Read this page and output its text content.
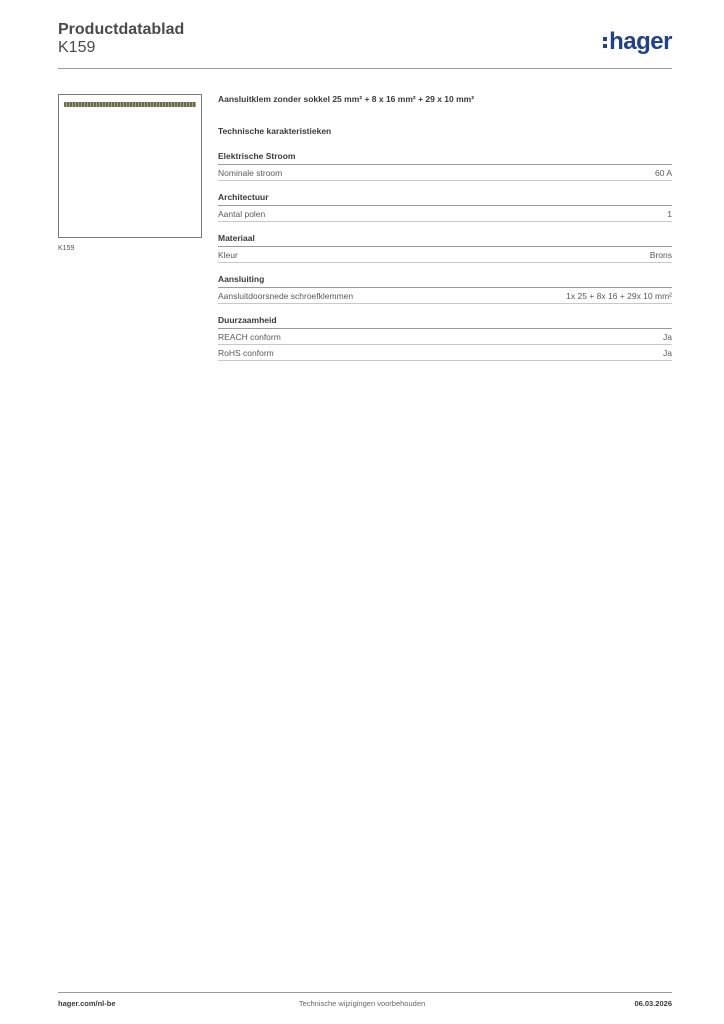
Productdatablad
K159	hager
K159
Aansluitklem zonder sokkel 25 mm² + 8 x 16 mm² + 29 x 10 mm²
Technische karakteristieken
Elektrische Stroom
Nominale stroom	60 A
Architectuur
Aantal polen	1
Materiaal
Kleur	Brons
Aansluiting
Aansluitdoorsnede schroefklemmen	1x 25 + 8x 16 + 29x 10 mm²
Duurzaamheid
REACH conform	Ja
RoHS conform	Ja
hager.com/nl-be	Technische wijzigingen voorbehouden	06.03.2026
